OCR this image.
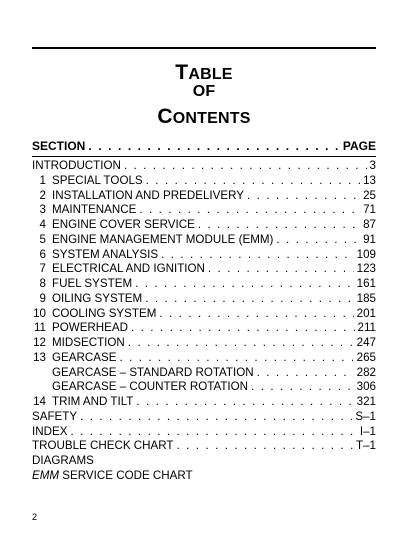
TABLE
OF
CONTENTS
SECTION . . .	PAGE
INTRODUCTION . . .	3
1 SPECIAL TOOLS . . .	13
2 INSTALLATION AND PREDELIVERY . . .	25
3 MAINTENANCE . . .	71
4 ENGINE COVER SERVICE . . .	87
5 ENGINE MANAGEMENT MODULE (EMM) . . .	91
6 SYSTEM ANALYSIS . . .	109
7 ELECTRICAL AND IGNITION . . .	123
8 FUEL SYSTEM . . .	161
9 OILING SYSTEM . . .	185
10 COOLING SYSTEM . . .	201
11 POWERHEAD . . .	211
12 MIDSECTION . . .	247
13 GEARCASE . . .	265
GEARCASE – STANDARD ROTATION . . .	282
GEARCASE – COUNTER ROTATION . . .	306
14 TRIM AND TILT . . .	321
SAFETY . . .	S–1
INDEX . . .	I–1
TROUBLE CHECK CHART . . .	T–1
DIAGRAMS
EMM SERVICE CODE CHART
2
